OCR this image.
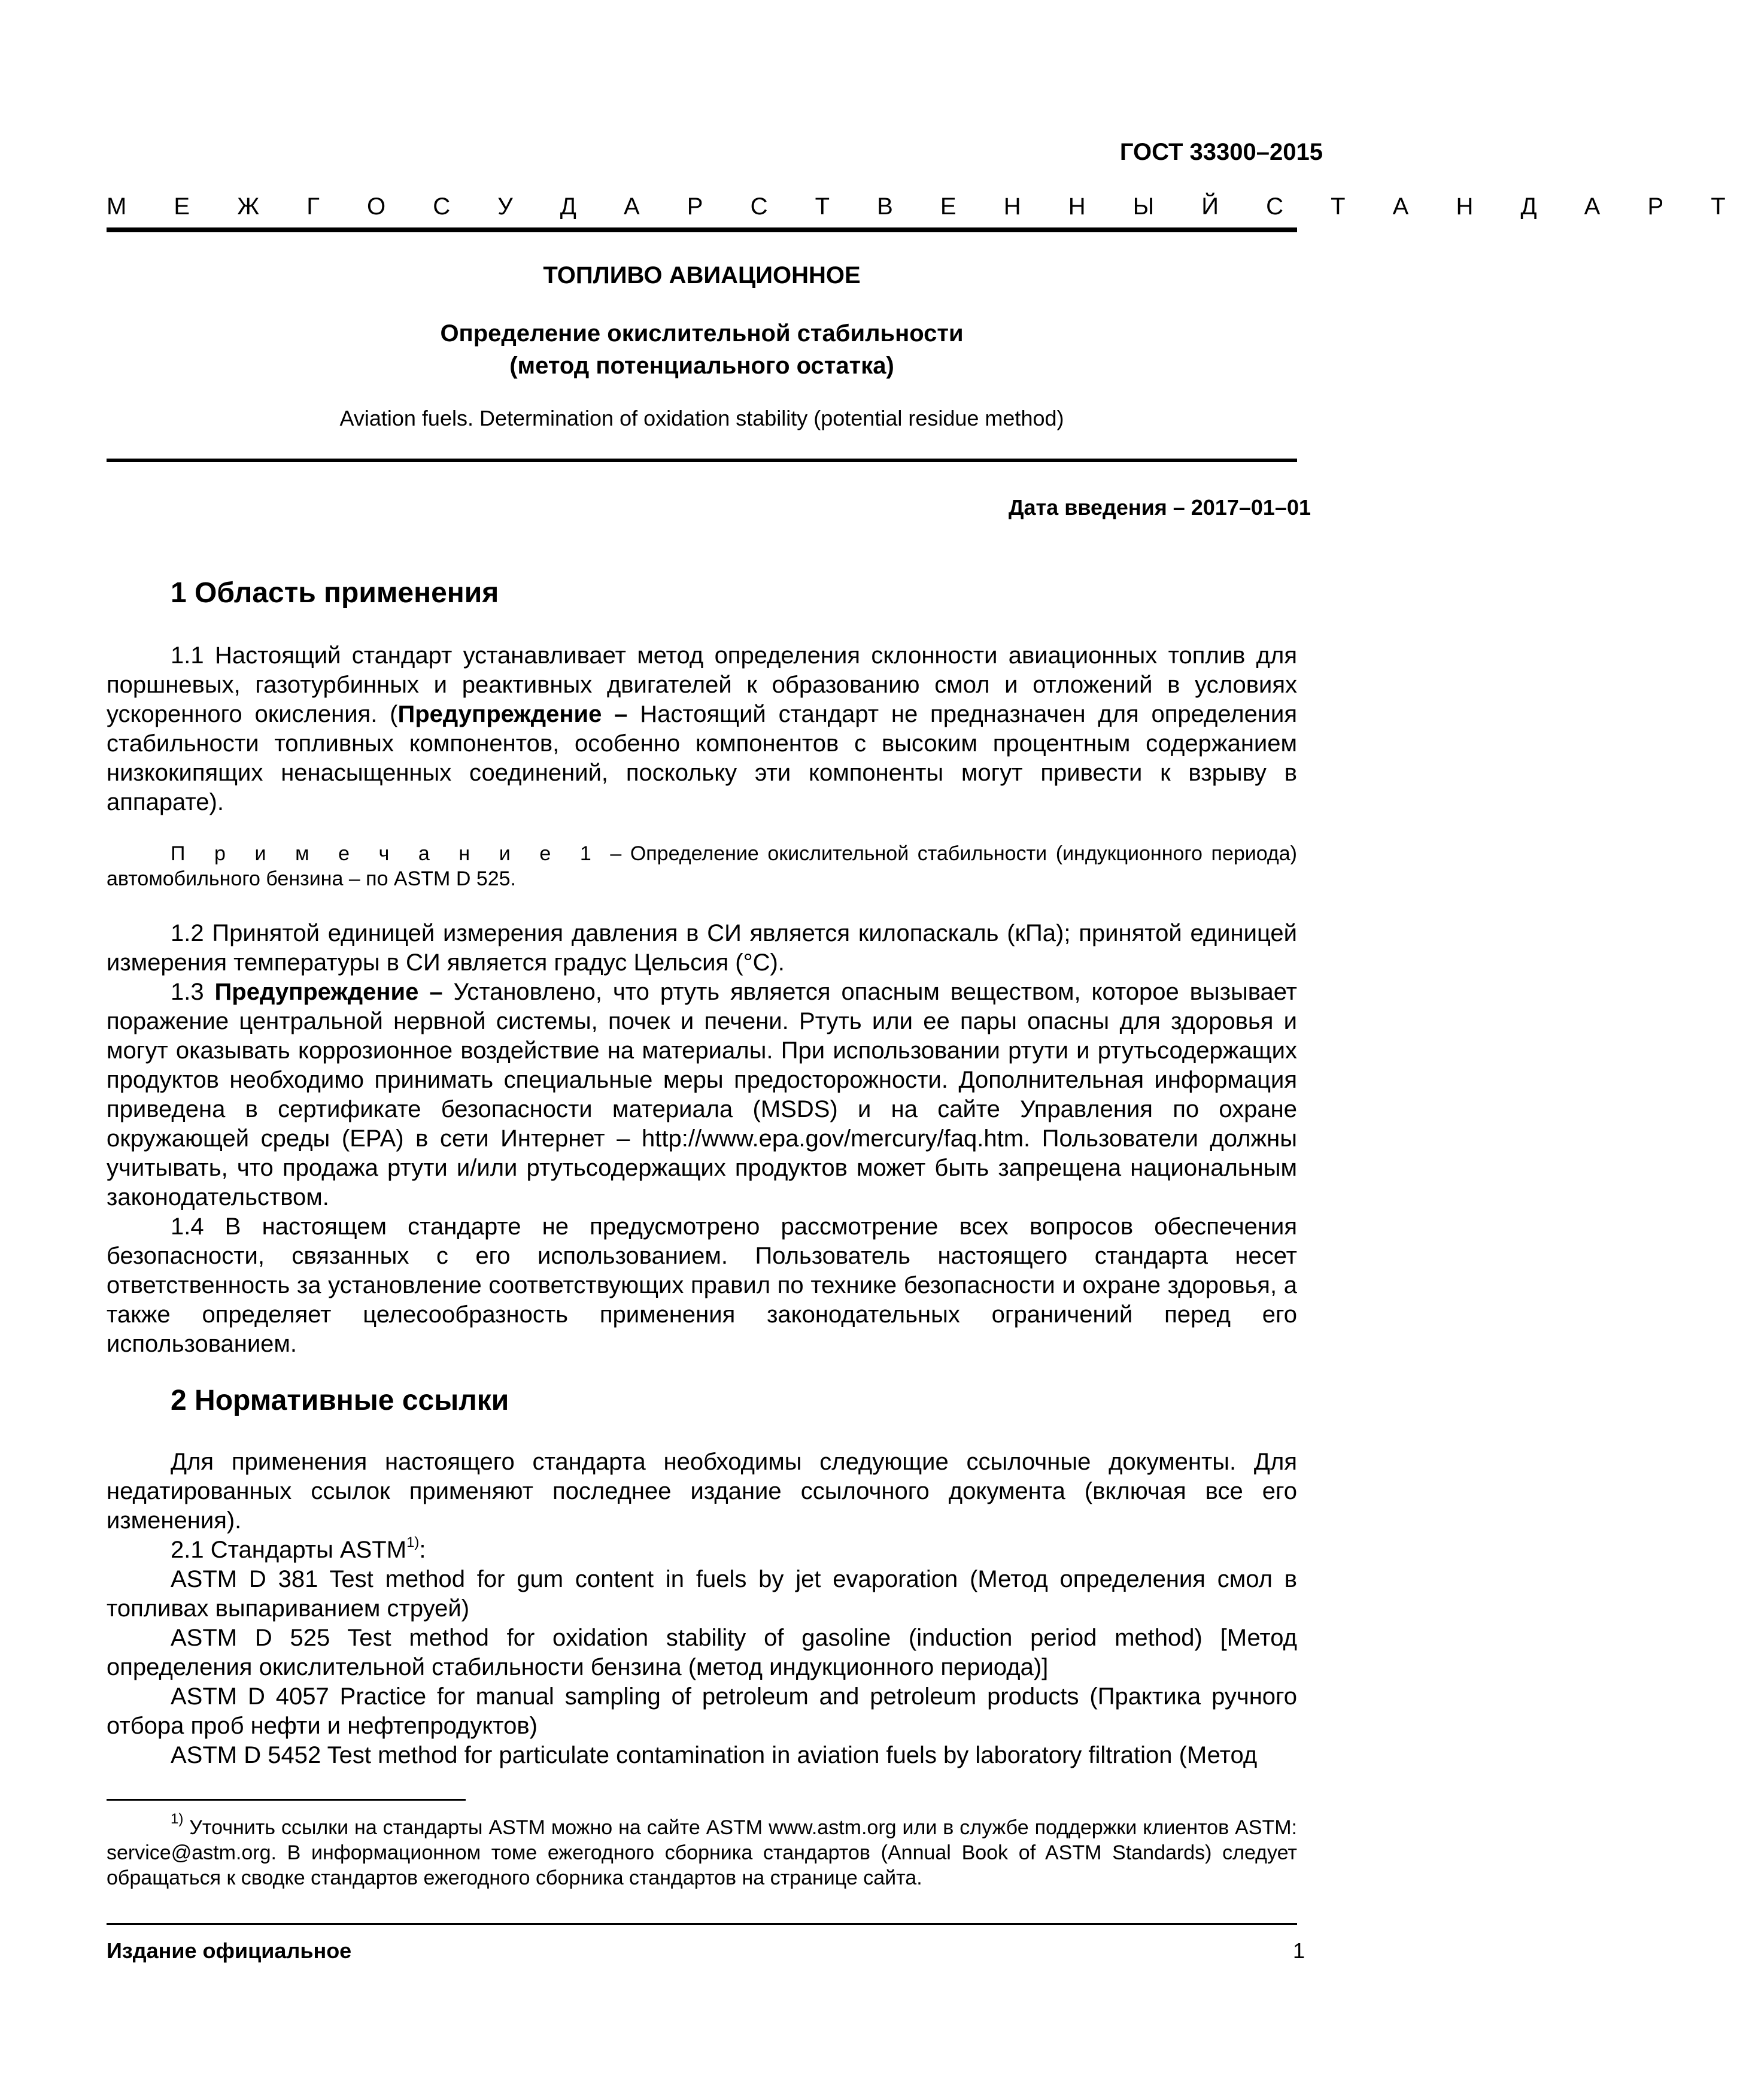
ГОСТ 33300–2015
М Е Ж Г О С У Д А Р С Т В Е Н Н Ы Й С Т А Н Д А Р Т
ТОПЛИВО АВИАЦИОННОЕ
Определение окислительной стабильности
(метод потенциального остатка)
Aviation fuels. Determination of oxidation stability (potential residue method)
Дата введения – 2017–01–01
1 Область применения

1.1 Настоящий стандарт устанавливает метод определения склонности авиационных топлив для поршневых, газотурбинных и реактивных двигателей к образованию смол и отложений в условиях ускоренного окисления. (Предупреждение – Настоящий стандарт не предназначен для определения стабильности топливных компонентов, особенно компонентов с высоким процентным содержанием низкокипящих ненасыщенных соединений, поскольку эти компоненты могут привести к взрыву в аппарате).

П р и м е ч а н и е 1 – Определение окислительной стабильности (индукционного периода) автомобильного бензина – по ASTM D 525.

1.2 Принятой единицей измерения давления в СИ является килопаскаль (кПа); принятой единицей измерения температуры в СИ является градус Цельсия (°C).

1.3 Предупреждение – Установлено, что ртуть является опасным веществом, которое вызывает поражение центральной нервной системы, почек и печени. Ртуть или ее пары опасны для здоровья и могут оказывать коррозионное воздействие на материалы. При использовании ртути и ртутьсодержащих продуктов необходимо принимать специальные меры предосторожности. Дополнительная информация приведена в сертификате безопасности материала (MSDS) и на сайте Управления по охране окружающей среды (EPA) в сети Интернет – http://www.epa.gov/mercury/faq.htm. Пользователи должны учитывать, что продажа ртути и/или ртутьсодержащих продуктов может быть запрещена национальным законодательством.

1.4 В настоящем стандарте не предусмотрено рассмотрение всех вопросов обеспечения безопасности, связанных с его использованием. Пользователь настоящего стандарта несет ответственность за установление соответствующих правил по технике безопасности и охране здоровья, а также определяет целесообразность применения законодательных ограничений перед его использованием.

2 Нормативные ссылки

Для применения настоящего стандарта необходимы следующие ссылочные документы. Для недатированных ссылок применяют последнее издание ссылочного документа (включая все его изменения).

2.1 Стандарты ASTM$^{1)}$:

ASTM D 381 Test method for gum content in fuels by jet evaporation (Метод определения смол в топливах выпариванием струей)

ASTM D 525 Test method for oxidation stability of gasoline (induction period method) [Метод определения окислительной стабильности бензина (метод индукционного периода)]

ASTM D 4057 Practice for manual sampling of petroleum and petroleum products (Практика ручного отбора проб нефти и нефтепродуктов)

ASTM D 5452 Test method for particulate contamination in aviation fuels by laboratory filtration (Метод

$^{1)}$ Уточнить ссылки на стандарты ASTM можно на сайте ASTM www.astm.org или в службе поддержки клиентов ASTM: service@astm.org. В информационном томе ежегодного сборника стандартов (Annual Book of ASTM Standards) следует обращаться к сводке стандартов ежегодного сборника стандартов на странице сайта.

Издание официальное	1
